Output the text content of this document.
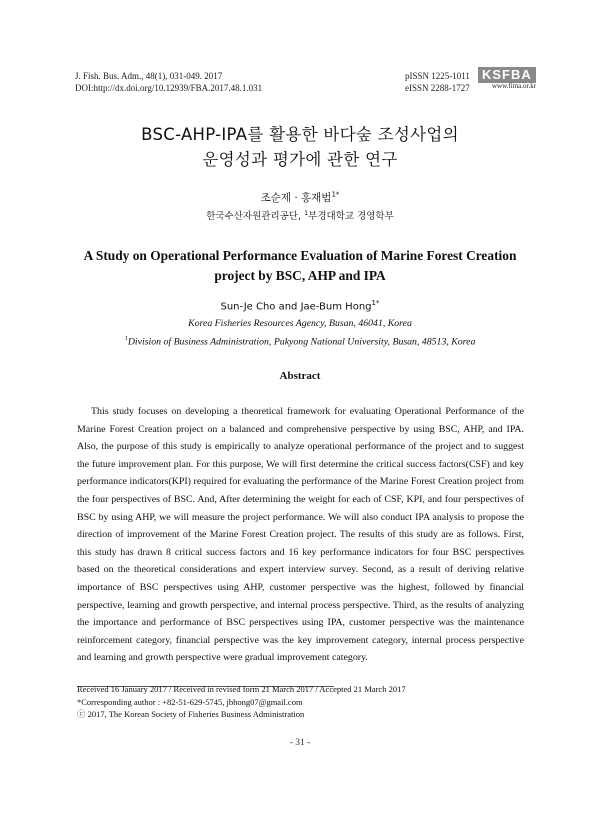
J. Fish. Bus. Adm., 48(1), 031-049. 2017
DOI:http://dx.doi.org/10.12939/FBA.2017.48.1.031
pISSN 1225-1011
eISSN 2288-1727
KSFBA
www.fima.or.kr
BSC-AHP-IPA를 활용한 바다숲 조성사업의
운영성과 평가에 관한 연구
조순제 · 홍재범$^{1*}$
한국수산자원관리공단, $^1$부경대학교 경영학부
A Study on Operational Performance Evaluation of Marine Forest Creation
project by BSC, AHP and IPA
Sun-Je Cho and Jae-Bum Hong$^{1*}$
Korea Fisheries Resources Agency, Busan, 46041, Korea
$^1$Division of Business Administration, Pukyong National University, Busan, 48513, Korea
Abstract
This study focuses on developing a theoretical framework for evaluating Operational Performance of the Marine Forest Creation project on a balanced and comprehensive perspective by using BSC, AHP, and IPA. Also, the purpose of this study is empirically to analyze operational performance of the project and to suggest the future improvement plan. For this purpose, We will first determine the critical success factors(CSF) and key performance indicators(KPI) required for evaluating the performance of the Marine Forest Creation project from the four perspectives of BSC. And, After determining the weight for each of CSF, KPI, and four perspectives of BSC by using AHP, we will measure the project performance. We will also conduct IPA analysis to propose the direction of improvement of the Marine Forest Creation project. The results of this study are as follows. First, this study has drawn 8 critical success factors and 16 key performance indicators for four BSC perspectives based on the theoretical considerations and expert interview survey. Second, as a result of deriving relative importance of BSC perspectives using AHP, customer perspective was the highest, followed by financial perspective, learning and growth perspective, and internal process perspective. Third, as the results of analyzing the importance and performance of BSC perspectives using IPA, customer perspective was the maintenance reinforcement category, financial perspective was the key improvement category, internal process perspective and learning and growth perspective were gradual improvement category.
Received 16 January 2017 / Received in revised form 21 March 2017 / Accepted 21 March 2017
*Corresponding author : +82-51-629-5745, jbhong07@gmail.com
ⓒ 2017, The Korean Society of Fisheries Business Administration
- 31 -
